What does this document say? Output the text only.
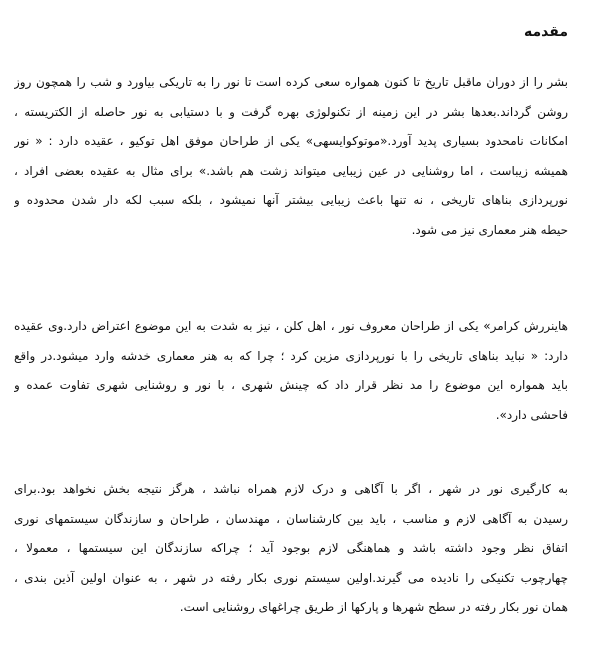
مقدمه

بشر را از دوران ماقبل تاریخ تا کنون همواره سعی کرده است تا نور را به تاریکی بیاورد و شب را همچون روز
روشن گرداند.بعدها بشر در این زمینه از تکنولوژی بهره گرفت و با دستیابی به نور حاصله از الکتریسته ،
امکانات نامحدود بسیاری پدید آورد.«موتوکوایسهی» یکی از طراحان موفق اهل توکیو ، عقیده دارد : « نور
همیشه زیباست ، اما روشنایی در عین زیبایی میتواند زشت هم باشد.» برای مثال به عقیده بعضی افراد ،
نورپردازی بناهای تاریخی ، نه تنها باعث زیبایی بیشتر آنها نمیشود ، بلکه سبب لکه دار شدن محدوده و
حیطه هنر معماری نیز می شود.

هاینررش کرامر» یکی از طراحان معروف نور ، اهل کلن ، نیز به شدت به این موضوع اعتراض دارد.وی عقیده
دارد: « نباید بناهای تاریخی را با نورپردازی مزین کرد ؛ چرا که به هنر معماری خدشه وارد میشود.در واقع
باید همواره این موضوع را مد نظر قرار داد که چینش شهری ، با نور و روشنایی شهری تفاوت عمده و
فاحشی دارد».

به کارگیری نور در شهر ، اگر با آگاهی و درک لازم همراه نباشد ، هرگز نتیجه بخش نخواهد بود.برای
رسیدن به آگاهی لازم و مناسب ، باید بین کارشناسان ، مهندسان ، طراحان و سازندگان سیستمهای نوری
اتفاق نظر وجود داشته باشد و هماهنگی لازم بوجود آید ؛ چراکه سازندگان این سیستمها ، معمولا ،
چهارچوب تکنیکی را نادیده می گیرند.اولین سیستم نوری بکار رفته در شهر ، به عنوان اولین آذین بندی ،
همان نور بکار رفته در سطح شهرها و پارکها از طریق چراغهای روشنایی است.
